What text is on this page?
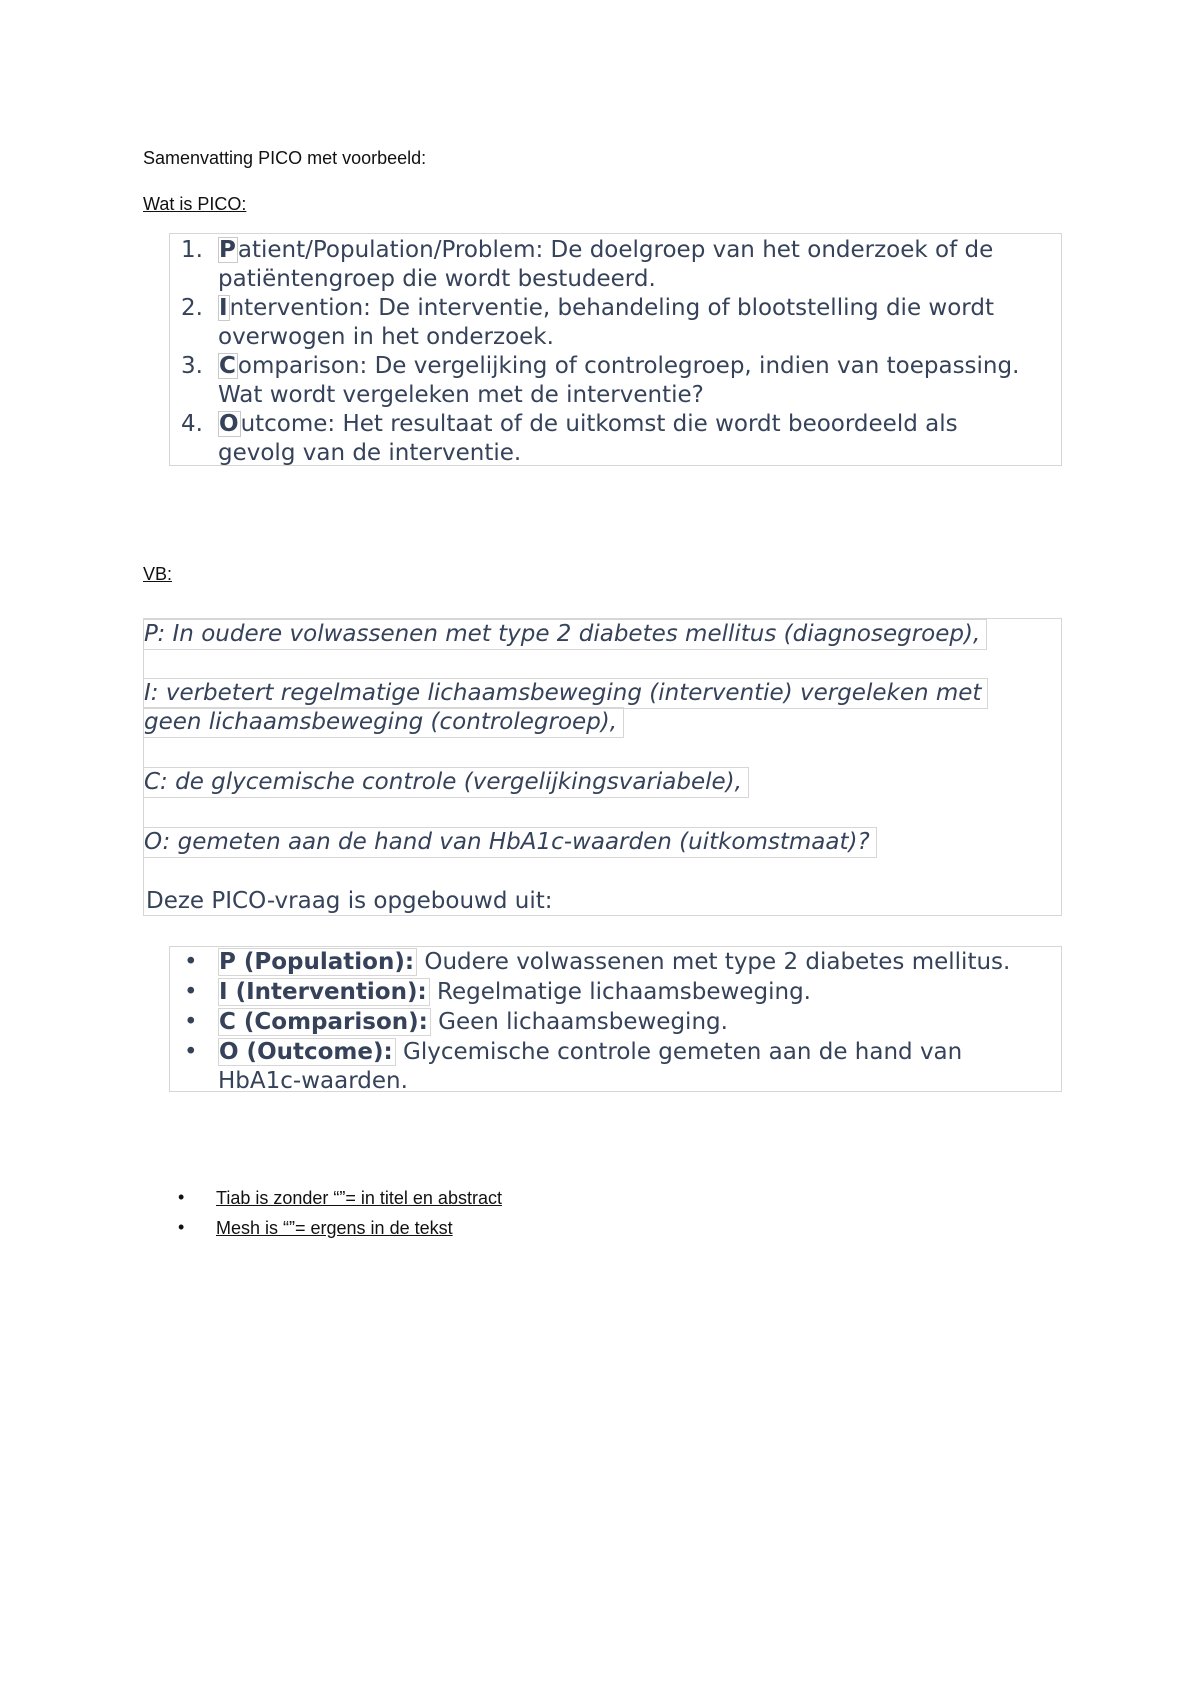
Samenvatting PICO met voorbeeld:
Wat is PICO:
1. Patient/Population/Problem: De doelgroep van het onderzoek of de
patiëntengroep die wordt bestudeerd.
2. Intervention: De interventie, behandeling of blootstelling die wordt
overwogen in het onderzoek.
3. Comparison: De vergelijking of controlegroep, indien van toepassing.
Wat wordt vergeleken met de interventie?
4. Outcome: Het resultaat of de uitkomst die wordt beoordeeld als
gevolg van de interventie.
VB:
P: In oudere volwassenen met type 2 diabetes mellitus (diagnosegroep),
I: verbetert regelmatige lichaamsbeweging (interventie) vergeleken met
geen lichaamsbeweging (controlegroep),
C: de glycemische controle (vergelijkingsvariabele),
O: gemeten aan de hand van HbA1c-waarden (uitkomstmaat)?
Deze PICO-vraag is opgebouwd uit:
• P (Population): Oudere volwassenen met type 2 diabetes mellitus.
• I (Intervention): Regelmatige lichaamsbeweging.
• C (Comparison): Geen lichaamsbeweging.
• O (Outcome): Glycemische controle gemeten aan de hand van
HbA1c-waarden.
• Tiab is zonder “”= in titel en abstract
• Mesh is “”= ergens in de tekst
